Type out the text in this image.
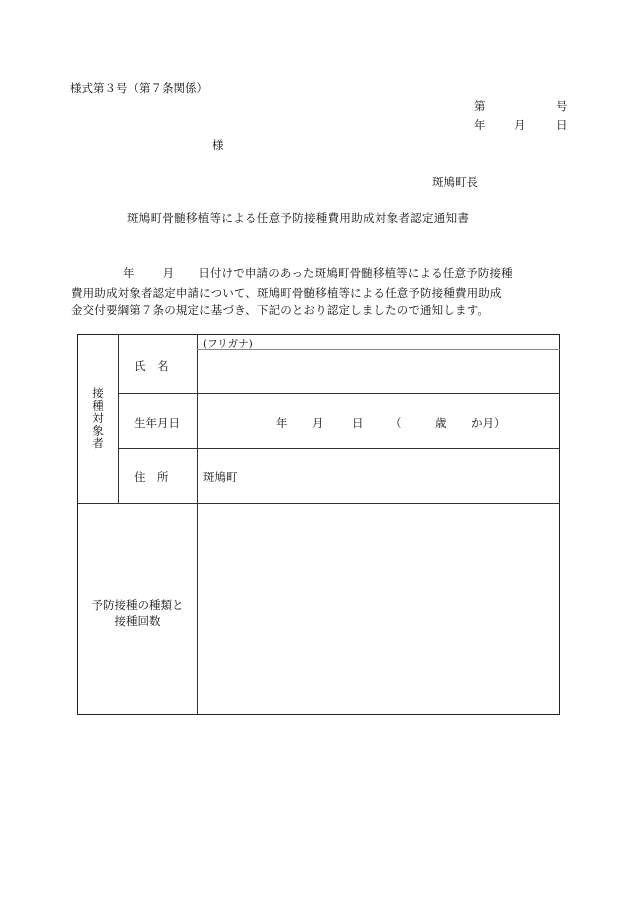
様式第３号（第７条関係）
第	号
年 月	日
様
斑鳩町長
斑鳩町骨髄移植等による任意予防接種費用助成対象者認定通知書
年 月 日付けで申請のあった斑鳩町骨髄移植等による任意予防接種
費用助成対象者認定申請について、斑鳩町骨髄移植等による任意予防接種費用助成
金交付要綱第７条の規定に基づき、下記のとおり認定しましたので通知します。
接種対象者
氏　名
(フリガナ)
生年月日	年 月 日 （	歳 か月）
住　所	斑鳩町
予防接種の種類と
接種回数
